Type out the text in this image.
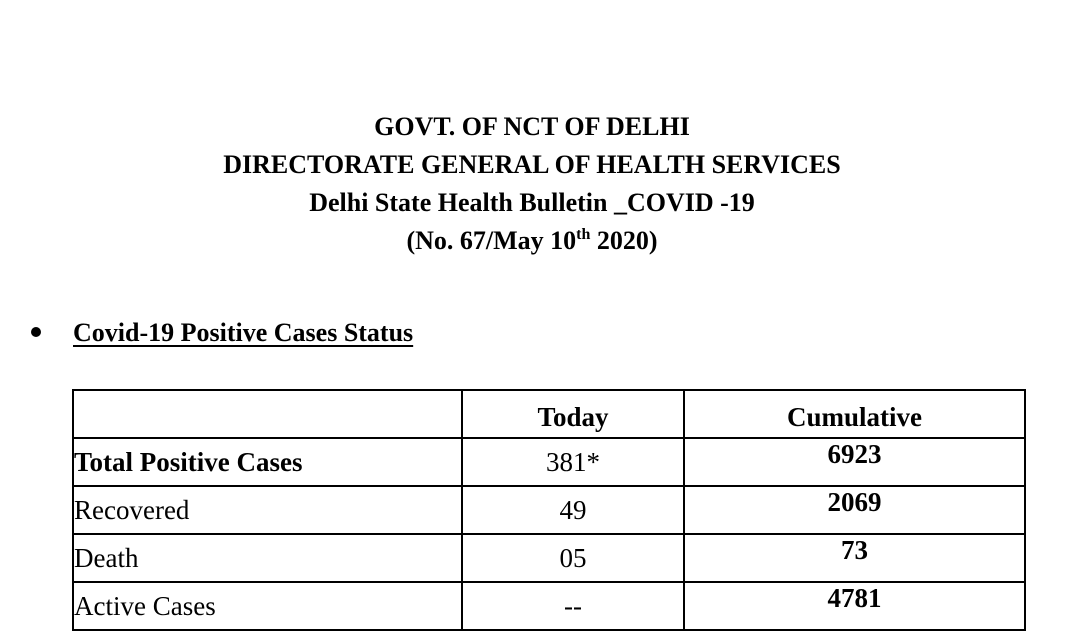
GOVT. OF NCT OF DELHI
DIRECTORATE GENERAL OF HEALTH SERVICES
Delhi State Health Bulletin _COVID -19
(No. 67/May 10th 2020)
Covid-19 Positive Cases Status
	Today	Cumulative
Total Positive Cases	381*	6923
Recovered	49	2069
Death	05	73
Active Cases	--	4781
